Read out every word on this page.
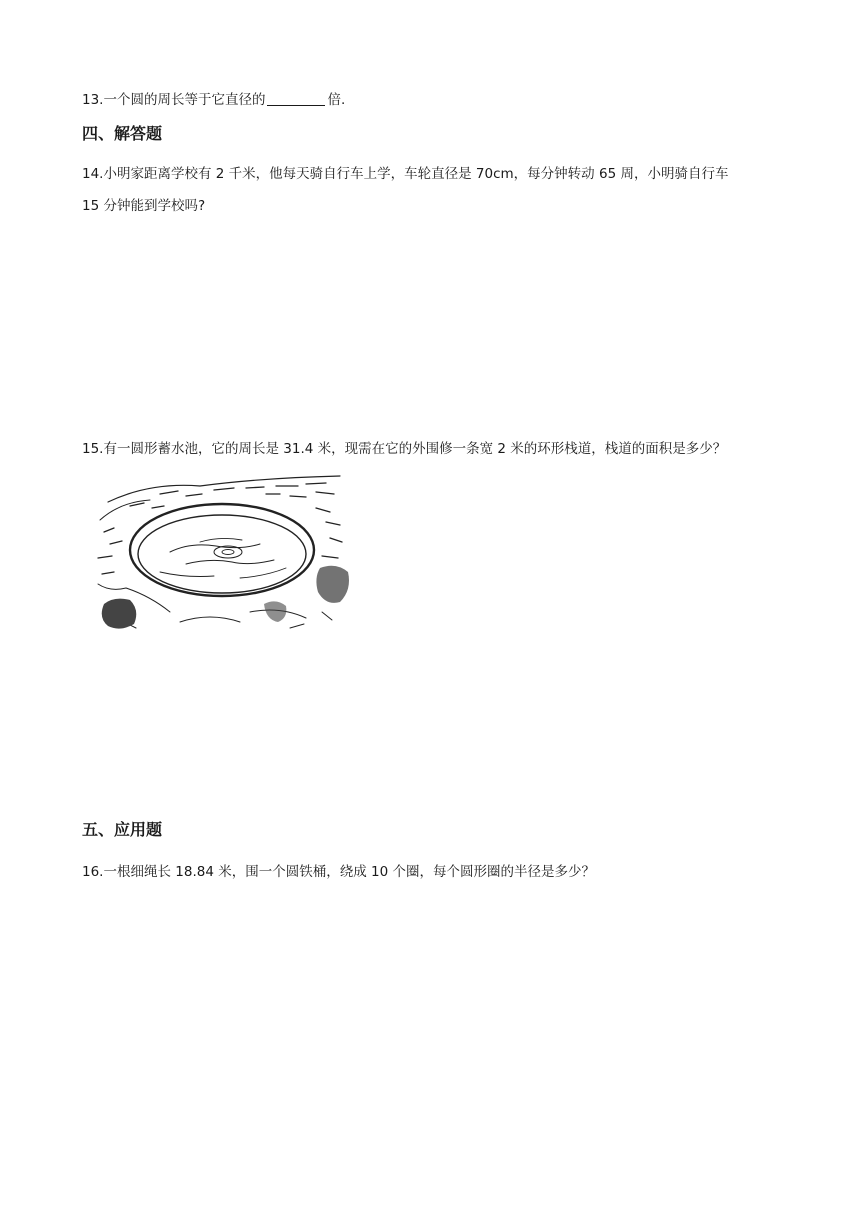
13.一个圆的周长等于它直径的	倍.

四、解答题

14.小明家距离学校有 2 千米，他每天骑自行车上学，车轮直径是 70cm，每分钟转动 65 周，小明骑自行车
15 分钟能到学校吗?

15.有一圆形蓄水池，它的周长是 31.4 米，现需在它的外围修一条宽 2 米的环形栈道，栈道的面积是多少？

五、应用题

16.一根细绳长 18.84 米，围一个圆铁桶，绕成 10 个圈，每个圆形圈的半径是多少？
